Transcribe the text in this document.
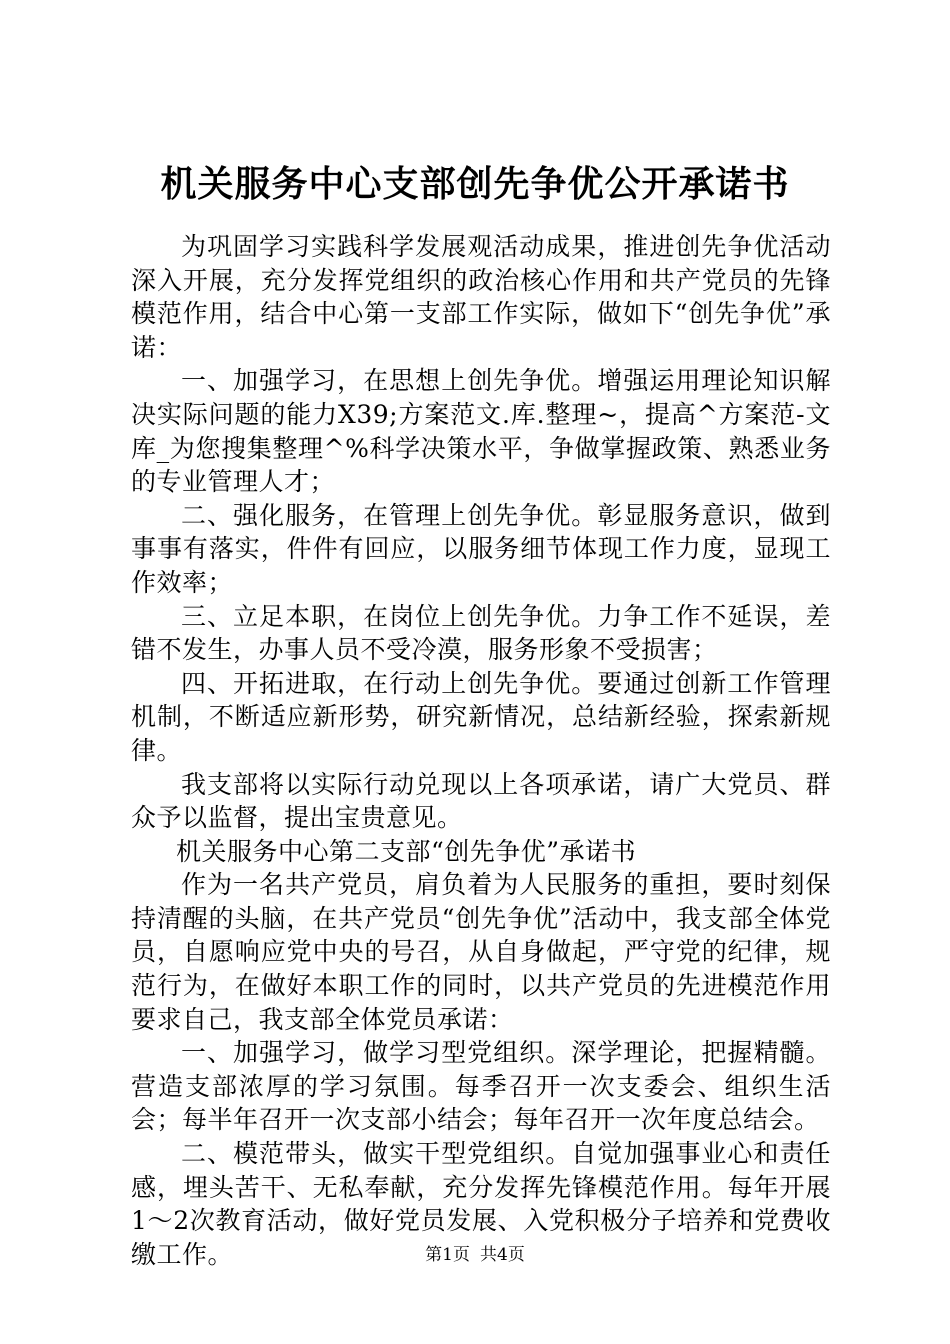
机关服务中心支部创先争优公开承诺书

为巩固学习实践科学发展观活动成果，推进创先争优活动深入开展，充分发挥党组织的政治核心作用和共产党员的先锋模范作用，结合中心第一支部工作实际，做如下“创先争优”承诺：

一、加强学习，在思想上创先争优。增强运用理论知识解决实际问题的能力X39;方案范文.库.整理~，提高^方案范-文库_为您搜集整理^%科学决策水平，争做掌握政策、熟悉业务的专业管理人才；

二、强化服务，在管理上创先争优。彰显服务意识，做到事事有落实，件件有回应，以服务细节体现工作力度，显现工作效率；

三、立足本职，在岗位上创先争优。力争工作不延误，差错不发生，办事人员不受冷漠，服务形象不受损害；

四、开拓进取，在行动上创先争优。要通过创新工作管理机制，不断适应新形势，研究新情况，总结新经验，探索新规律。

我支部将以实际行动兑现以上各项承诺，请广大党员、群众予以监督，提出宝贵意见。

机关服务中心第二支部“创先争优”承诺书

作为一名共产党员，肩负着为人民服务的重担，要时刻保持清醒的头脑，在共产党员“创先争优”活动中，我支部全体党员，自愿响应党中央的号召，从自身做起，严守党的纪律，规范行为，在做好本职工作的同时，以共产党员的先进模范作用要求自己，我支部全体党员承诺：

一、加强学习，做学习型党组织。深学理论，把握精髓。营造支部浓厚的学习氛围。每季召开一次支委会、组织生活会；每半年召开一次支部小结会；每年召开一次年度总结会。

二、模范带头，做实干型党组织。自觉加强事业心和责任感，埋头苦干、无私奉献，充分发挥先锋模范作用。每年开展1～2次教育活动，做好党员发展、入党积极分子培养和党费收缴工作。	第1页 共4页
